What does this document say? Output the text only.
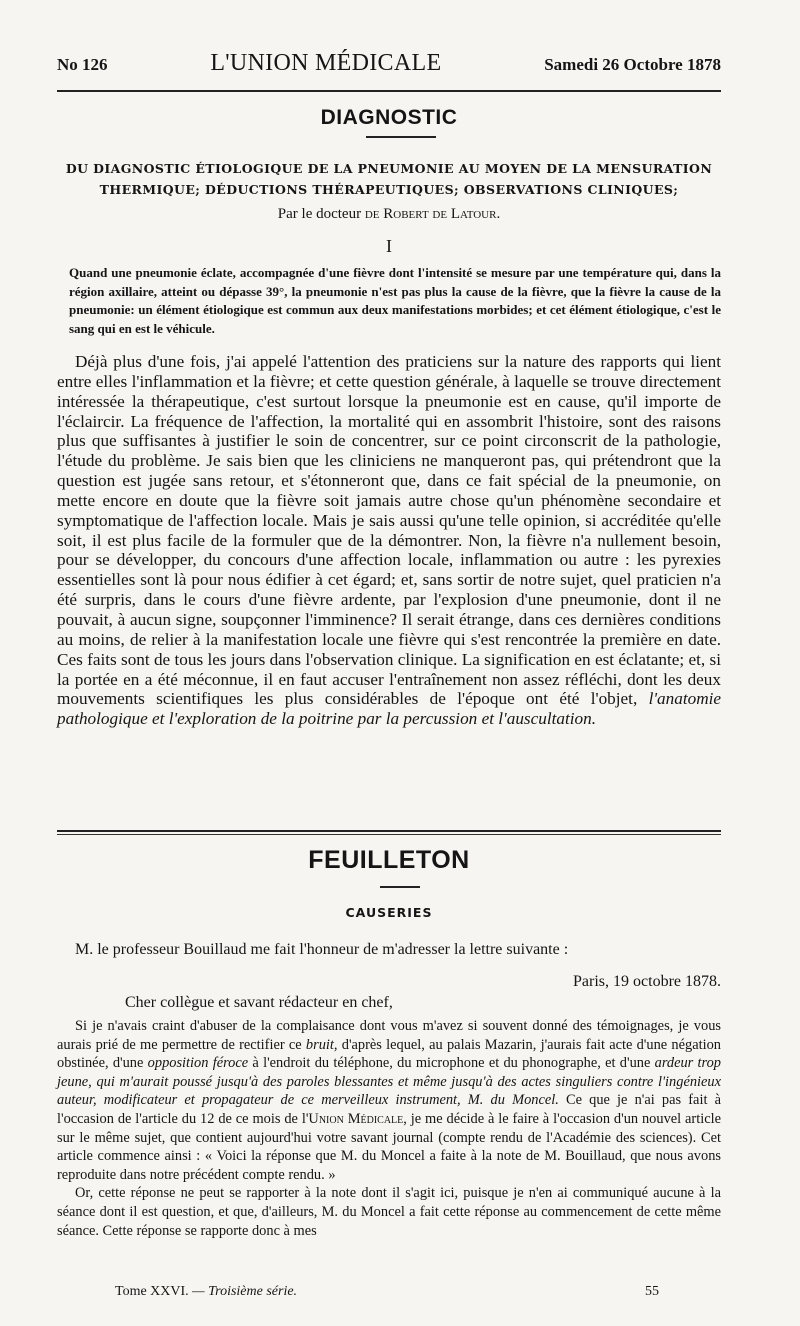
No 126	L'UNION MÉDICALE	Samedi 26 Octobre 1878
DIAGNOSTIC
DU DIAGNOSTIC ÉTIOLOGIQUE DE LA PNEUMONIE AU MOYEN DE LA MENSURATION THERMIQUE; DÉDUCTIONS THÉRAPEUTIQUES; OBSERVATIONS CLINIQUES;
Par le docteur de Robert de Latour.
I

Quand une pneumonie éclate, accompagnée d'une fièvre dont l'intensité se mesure par une température qui, dans la région axillaire, atteint ou dépasse 39°, la pneumonie n'est pas plus la cause de la fièvre, que la fièvre la cause de la pneumonie: un élément étiologique est commun aux deux manifestations morbides; et cet élément étiologique, c'est le sang qui en est le véhicule.

Déjà plus d'une fois, j'ai appelé l'attention des praticiens sur la nature des rapports qui lient entre elles l'inflammation et la fièvre; et cette question générale, à laquelle se trouve directement intéressée la thérapeutique, c'est surtout lorsque la pneumonie est en cause, qu'il importe de l'éclaircir. La fréquence de l'affection, la mortalité qui en assombrit l'histoire, sont des raisons plus que suffisantes à justifier le soin de concentrer, sur ce point circonscrit de la pathologie, l'étude du problème. Je sais bien que les cliniciens ne manqueront pas, qui prétendront que la question est jugée sans retour, et s'étonneront que, dans ce fait spécial de la pneumonie, on mette encore en doute que la fièvre soit jamais autre chose qu'un phénomène secondaire et symptomatique de l'affection locale. Mais je sais aussi qu'une telle opinion, si accréditée qu'elle soit, il est plus facile de la formuler que de la démontrer. Non, la fièvre n'a nullement besoin, pour se développer, du concours d'une affection locale, inflammation ou autre : les pyrexies essentielles sont là pour nous édifier à cet égard; et, sans sortir de notre sujet, quel praticien n'a été surpris, dans le cours d'une fièvre ardente, par l'explosion d'une pneumonie, dont il ne pouvait, à aucun signe, soupçonner l'imminence? Il serait étrange, dans ces dernières conditions au moins, de relier à la manifestation locale une fièvre qui s'est rencontrée la première en date. Ces faits sont de tous les jours dans l'observation clinique. La signification en est éclatante; et, si la portée en a été méconnue, il en faut accuser l'entraînement non assez réfléchi, dont les deux mouvements scientifiques les plus considérables de l'époque ont été l'objet, l'anatomie pathologique et l'exploration de la poitrine par la percussion et l'auscultation.

FEUILLETON
CAUSERIES
M. le professeur Bouillaud me fait l'honneur de m'adresser la lettre suivante :
Paris, 19 octobre 1878.
Cher collègue et savant rédacteur en chef,

Si je n'avais craint d'abuser de la complaisance dont vous m'avez si souvent donné des témoignages, je vous aurais prié de me permettre de rectifier ce bruit, d'après lequel, au palais Mazarin, j'aurais fait acte d'une négation obstinée, d'une opposition féroce à l'endroit du téléphone, du microphone et du phonographe, et d'une ardeur trop jeune, qui m'aurait poussé jusqu'à des paroles blessantes et même jusqu'à des actes singuliers contre l'ingénieux auteur, modificateur et propagateur de ce merveilleux instrument, M. du Moncel. Ce que je n'ai pas fait à l'occasion de l'article du 12 de ce mois de l'Union Médicale, je me décide à le faire à l'occasion d'un nouvel article sur le même sujet, que contient aujourd'hui votre savant journal (compte rendu de l'Académie des sciences). Cet article commence ainsi : « Voici la réponse que M. du Moncel a faite à la note de M. Bouillaud, que nous avons reproduite dans notre précédent compte rendu. »

Or, cette réponse ne peut se rapporter à la note dont il s'agit ici, puisque je n'en ai communiqué aucune à la séance dont il est question, et que, d'ailleurs, M. du Moncel a fait cette réponse au commencement de cette même séance. Cette réponse se rapporte donc à mes

Tome XXVI. — Troisième série.	55
